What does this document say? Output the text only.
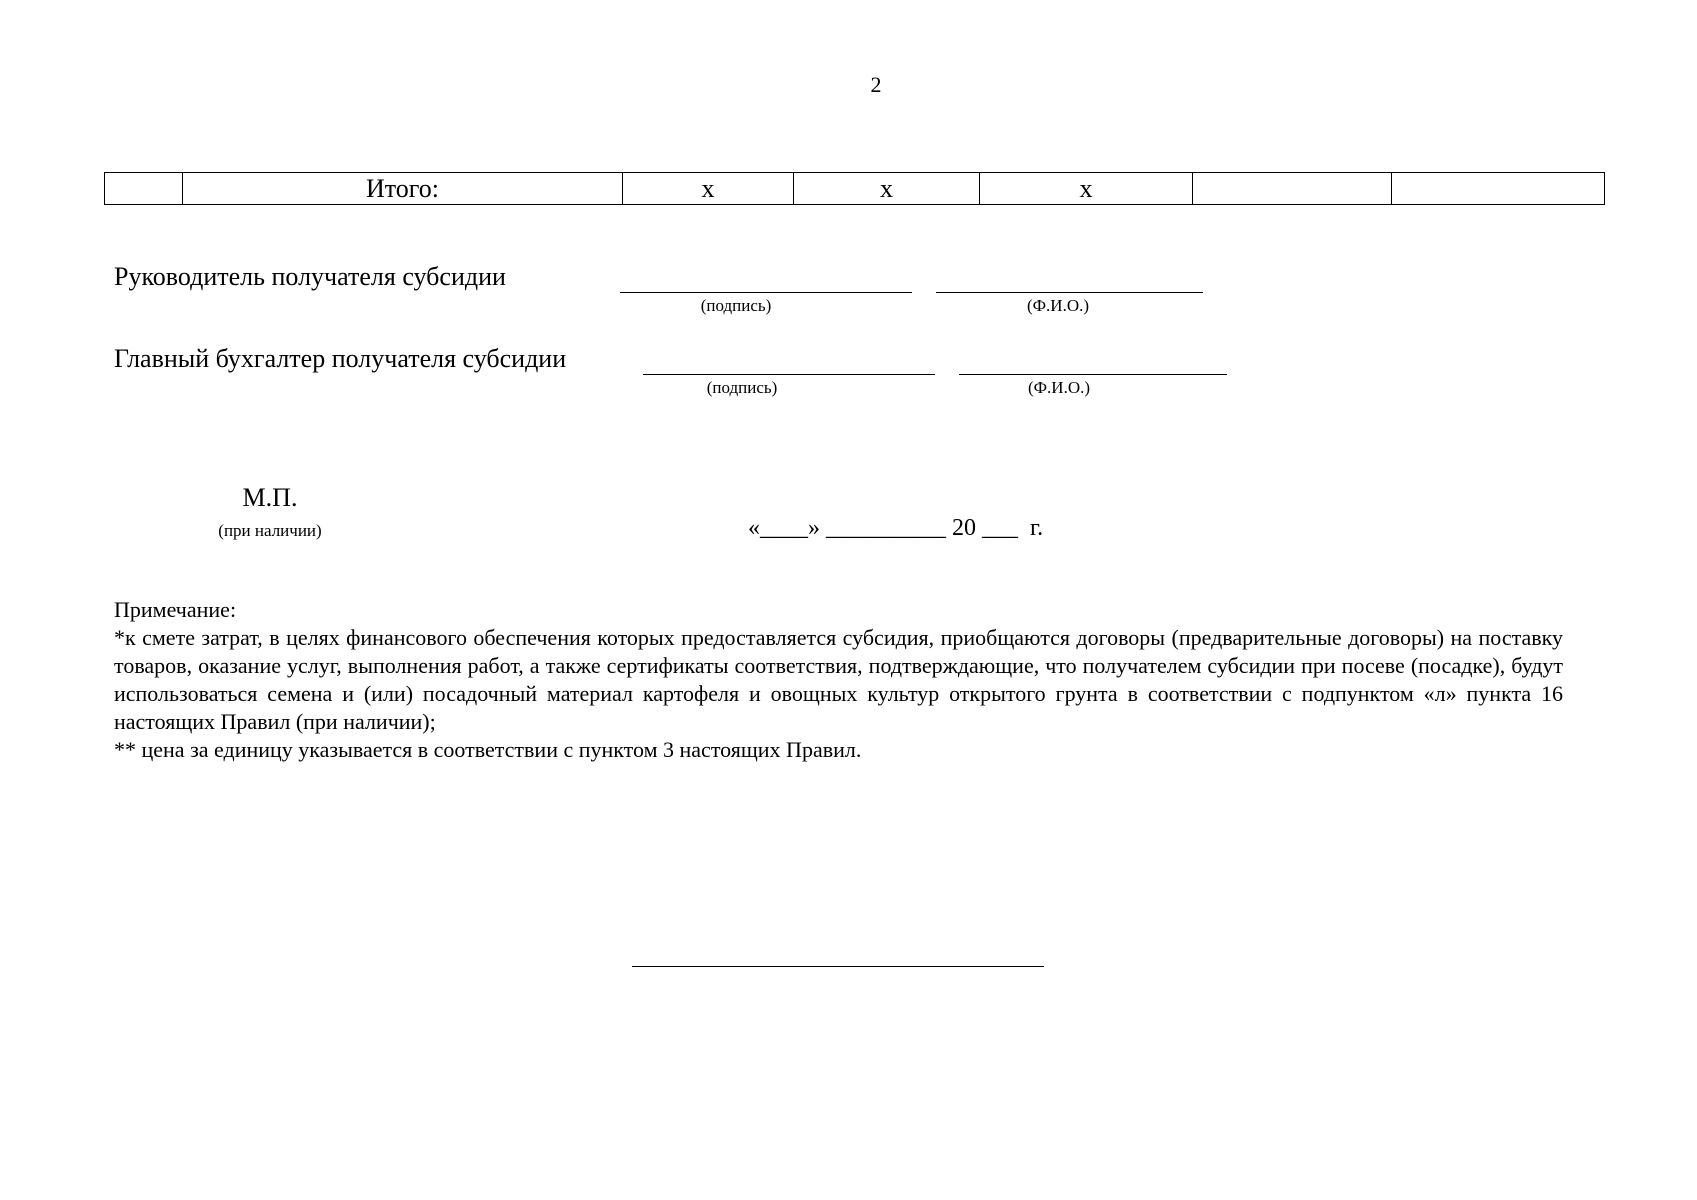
2
	Итого:	х	х	х		
Руководитель получателя субсидии
(подпись)	(Ф.И.О.)
Главный бухгалтер получателя субсидии
(подпись)	(Ф.И.О.)
М.П.
(при наличии)	«____» __________ 20 ___  г.

Примечание:

*к смете затрат, в целях финансового обеспечения которых предоставляется субсидия, приобщаются договоры (предварительные договоры) на поставку товаров, оказание услуг, выполнения работ, а также сертификаты соответствия, подтверждающие, что получателем субсидии при посеве (посадке), будут использоваться семена и (или) посадочный материал картофеля и овощных культур открытого грунта в соответствии с подпунктом «л» пункта 16 настоящих Правил (при наличии);

** цена за единицу указывается в соответствии с пунктом 3 настоящих Правил.
